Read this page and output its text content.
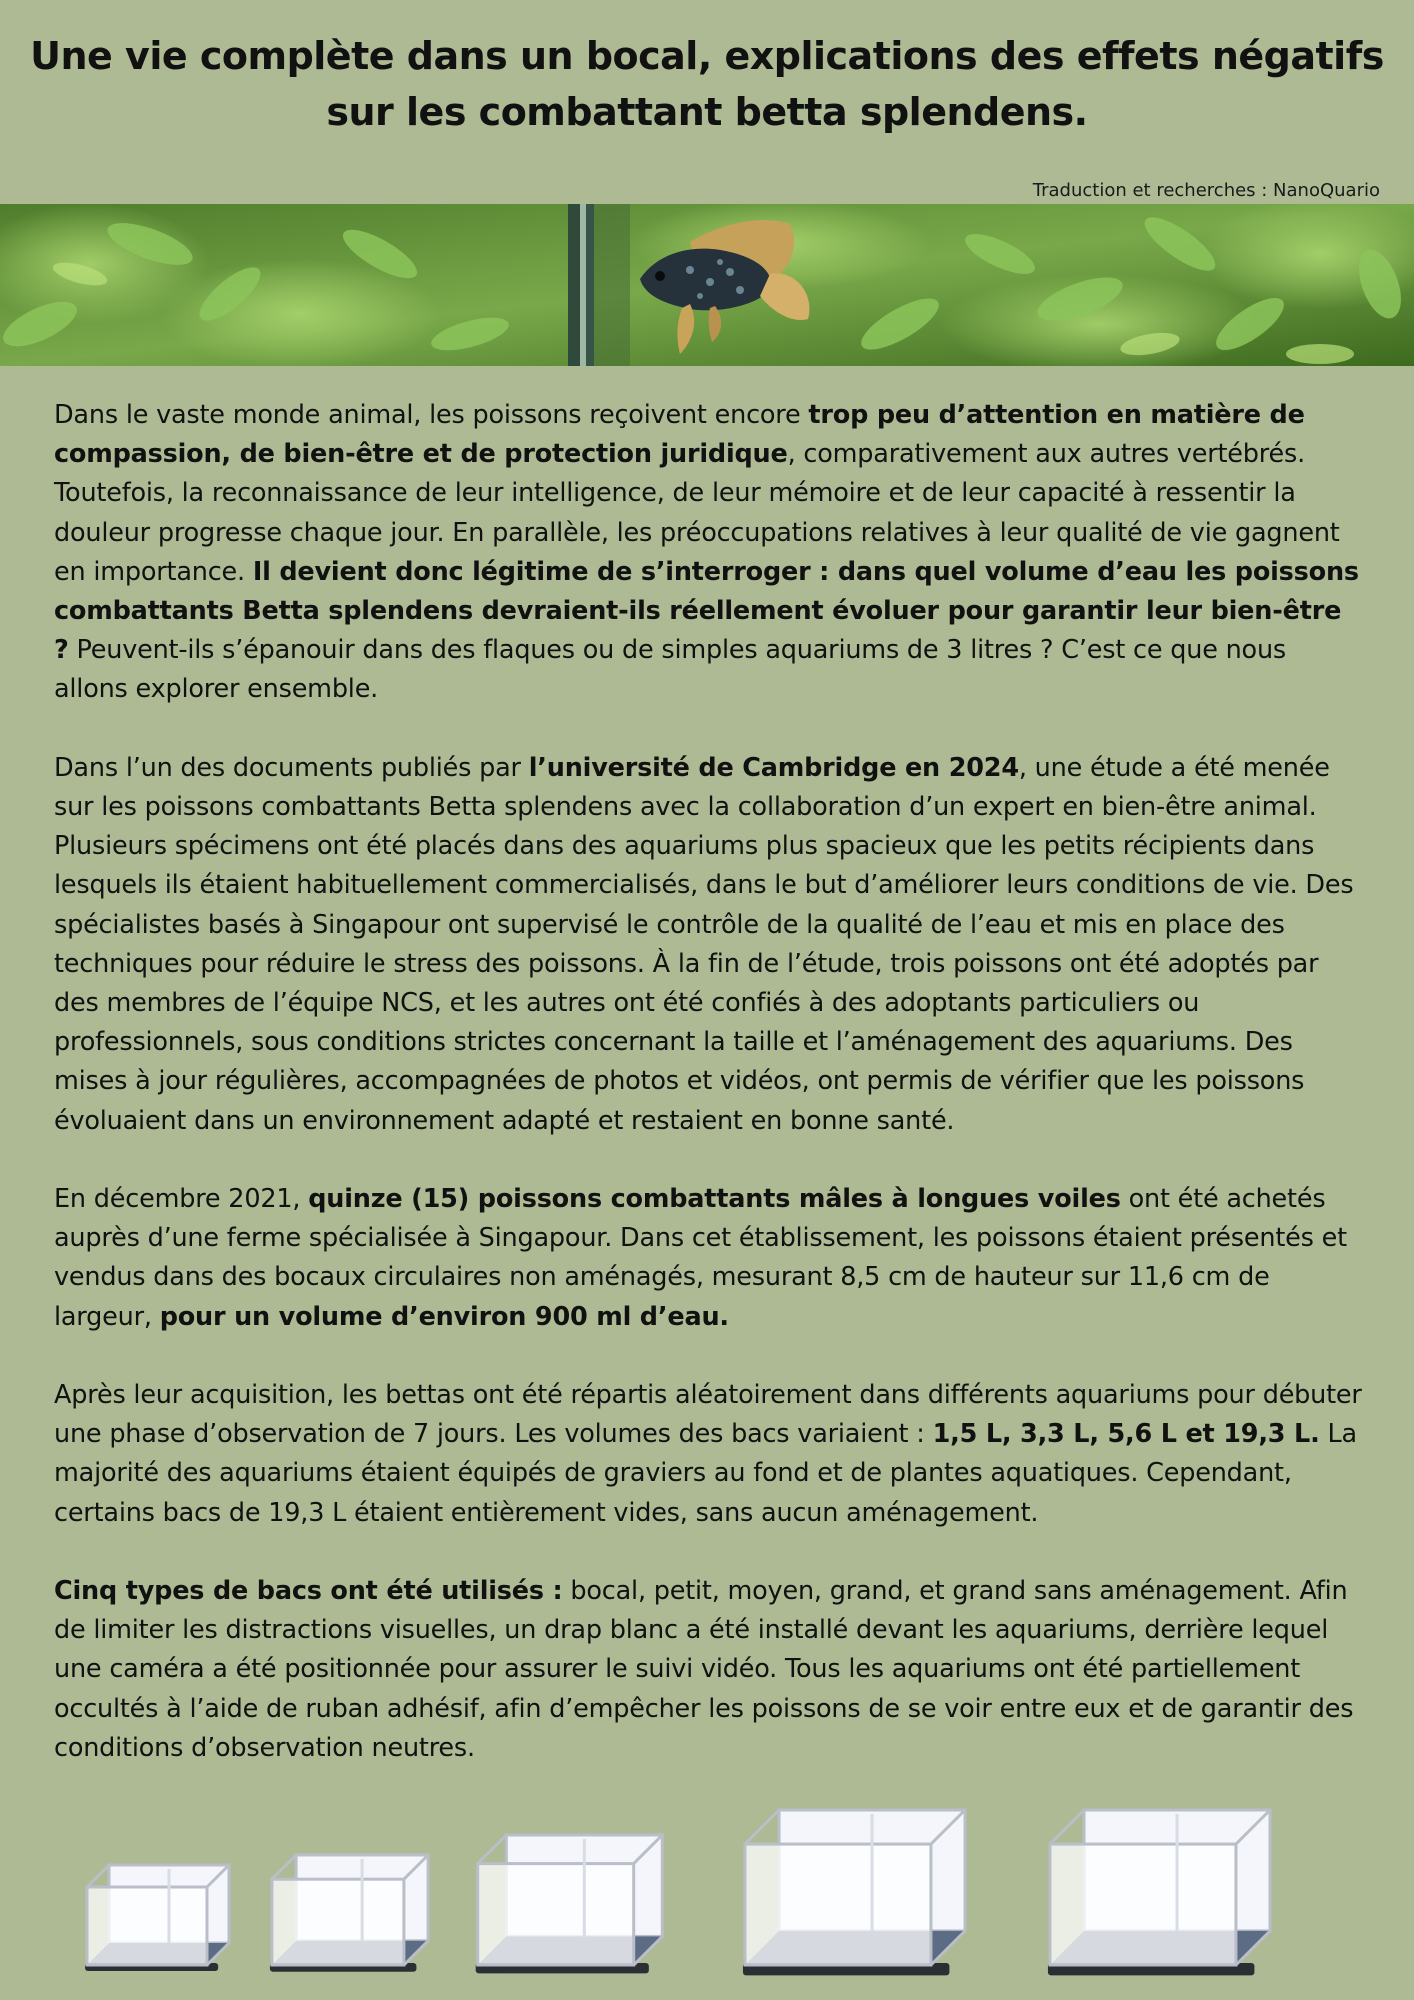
Une vie complète dans un bocal, explications des effets négatifs sur les combattant betta splendens.
Traduction et recherches : NanoQuario

Dans le vaste monde animal, les poissons reçoivent encore trop peu d’attention en matière de compassion, de bien-être et de protection juridique, comparativement aux autres vertébrés. Toutefois, la reconnaissance de leur intelligence, de leur mémoire et de leur capacité à ressentir la douleur progresse chaque jour. En parallèle, les préoccupations relatives à leur qualité de vie gagnent en importance. Il devient donc légitime de s’interroger : dans quel volume d’eau les poissons combattants Betta splendens devraient-ils réellement évoluer pour garantir leur bien-être ? Peuvent-ils s’épanouir dans des flaques ou de simples aquariums de 3 litres ? C’est ce que nous allons explorer ensemble.

Dans l’un des documents publiés par l’université de Cambridge en 2024, une étude a été menée sur les poissons combattants Betta splendens avec la collaboration d’un expert en bien-être animal. Plusieurs spécimens ont été placés dans des aquariums plus spacieux que les petits récipients dans lesquels ils étaient habituellement commercialisés, dans le but d’améliorer leurs conditions de vie. Des spécialistes basés à Singapour ont supervisé le contrôle de la qualité de l’eau et mis en place des techniques pour réduire le stress des poissons. À la fin de l’étude, trois poissons ont été adoptés par des membres de l’équipe NCS, et les autres ont été confiés à des adoptants particuliers ou professionnels, sous conditions strictes concernant la taille et l’aménagement des aquariums. Des mises à jour régulières, accompagnées de photos et vidéos, ont permis de vérifier que les poissons évoluaient dans un environnement adapté et restaient en bonne santé.

En décembre 2021, quinze (15) poissons combattants mâles à longues voiles ont été achetés auprès d’une ferme spécialisée à Singapour. Dans cet établissement, les poissons étaient présentés et vendus dans des bocaux circulaires non aménagés, mesurant 8,5 cm de hauteur sur 11,6 cm de largeur, pour un volume d’environ 900 ml d’eau.

Après leur acquisition, les bettas ont été répartis aléatoirement dans différents aquariums pour débuter une phase d’observation de 7 jours. Les volumes des bacs variaient : 1,5 L, 3,3 L, 5,6 L et 19,3 L. La majorité des aquariums étaient équipés de graviers au fond et de plantes aquatiques. Cependant, certains bacs de 19,3 L étaient entièrement vides, sans aucun aménagement.

Cinq types de bacs ont été utilisés : bocal, petit, moyen, grand, et grand sans aménagement. Afin de limiter les distractions visuelles, un drap blanc a été installé devant les aquariums, derrière lequel une caméra a été positionnée pour assurer le suivi vidéo. Tous les aquariums ont été partiellement occultés à l’aide de ruban adhésif, afin d’empêcher les poissons de se voir entre eux et de garantir des conditions d’observation neutres.
